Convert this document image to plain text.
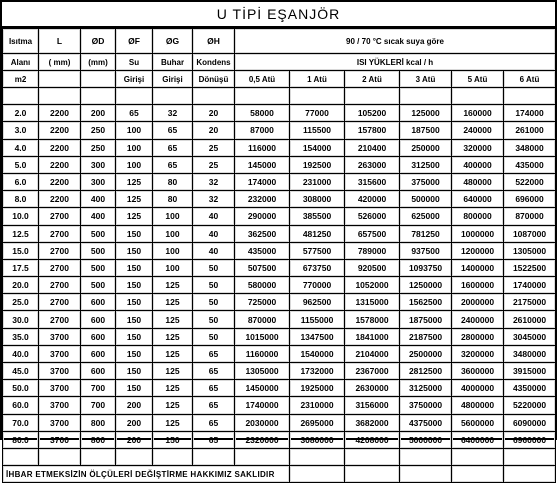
U TİPİ EŞANJÖR
Isıtma	L	ØD	ØF	ØG	ØH	90 / 70 °C sıcak suya göre					
Alanı	( mm)	(mm)	Su	Buhar	Kondens	ISI YÜKLERİ kcal / h					
m2			Girişi	Girişi	Dönüşü	0,5 Atü	1 Atü	2 Atü	3 Atü	5 Atü	6 Atü

2.0	2200	200	65	32	20	58000	77000	105200	125000	160000	174000
3.0	2200	250	100	65	20	87000	115500	157800	187500	240000	261000
4.0	2200	250	100	65	25	116000	154000	210400	250000	320000	348000
5.0	2200	300	100	65	25	145000	192500	263000	312500	400000	435000
6.0	2200	300	125	80	32	174000	231000	315600	375000	480000	522000
8.0	2200	400	125	80	32	232000	308000	420000	500000	640000	696000
10.0	2700	400	125	100	40	290000	385500	526000	625000	800000	870000
12.5	2700	500	150	100	40	362500	481250	657500	781250	1000000	1087000
15.0	2700	500	150	100	40	435000	577500	789000	937500	1200000	1305000
17.5	2700	500	150	100	50	507500	673750	920500	1093750	1400000	1522500
20.0	2700	500	150	125	50	580000	770000	1052000	1250000	1600000	1740000
25.0	2700	600	150	125	50	725000	962500	1315000	1562500	2000000	2175000
30.0	2700	600	150	125	50	870000	1155000	1578000	1875000	2400000	2610000
35.0	3700	600	150	125	50	1015000	1347500	1841000	2187500	2800000	3045000
40.0	3700	600	150	125	65	1160000	1540000	2104000	2500000	3200000	3480000
45.0	3700	600	150	125	65	1305000	1732000	2367000	2812500	3600000	3915000
50.0	3700	700	150	125	65	1450000	1925000	2630000	3125000	4000000	4350000
60.0	3700	700	200	125	65	1740000	2310000	3156000	3750000	4800000	5220000
70.0	3700	800	200	125	65	2030000	2695000	3682000	4375000	5600000	6090000
80.0	3700	800	200	150	65	2320000	3080000	4208000	5000000	6400000	6960000

İHBAR ETMEKSİZİN ÖLÇÜLERİ DEĞİŞTİRME HAKKIMIZ SAKLIDIR											
